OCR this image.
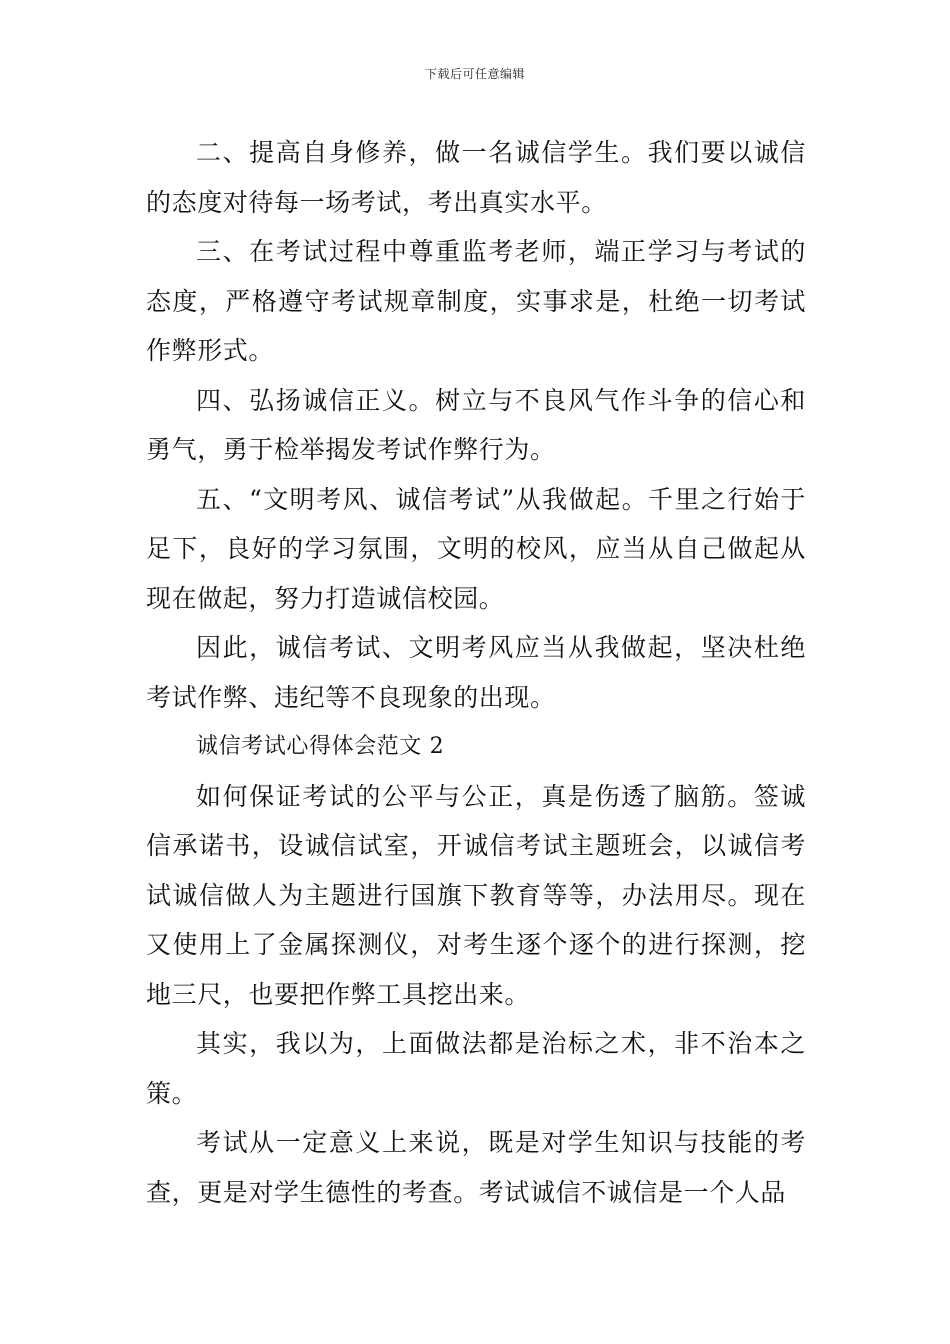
下载后可任意编辑

二、提高自身修养，做一名诚信学生。我们要以诚信的态度对待每一场考试，考出真实水平。

三、在考试过程中尊重监考老师，端正学习与考试的态度，严格遵守考试规章制度，实事求是，杜绝一切考试作弊形式。

四、弘扬诚信正义。树立与不良风气作斗争的信心和勇气，勇于检举揭发考试作弊行为。

五、“文明考风、诚信考试”从我做起。千里之行始于足下，良好的学习氛围，文明的校风，应当从自己做起从现在做起，努力打造诚信校园。

因此，诚信考试、文明考风应当从我做起，坚决杜绝考试作弊、违纪等不良现象的出现。

诚信考试心得体会范文 2

如何保证考试的公平与公正，真是伤透了脑筋。签诚信承诺书，设诚信试室，开诚信考试主题班会，以诚信考试诚信做人为主题进行国旗下教育等等，办法用尽。现在又使用上了金属探测仪，对考生逐个逐个的进行探测，挖地三尺，也要把作弊工具挖出来。

其实，我以为，上面做法都是治标之术，非不治本之策。

考试从一定意义上来说，既是对学生知识与技能的考查，更是对学生德性的考查。考试诚信不诚信是一个人品
